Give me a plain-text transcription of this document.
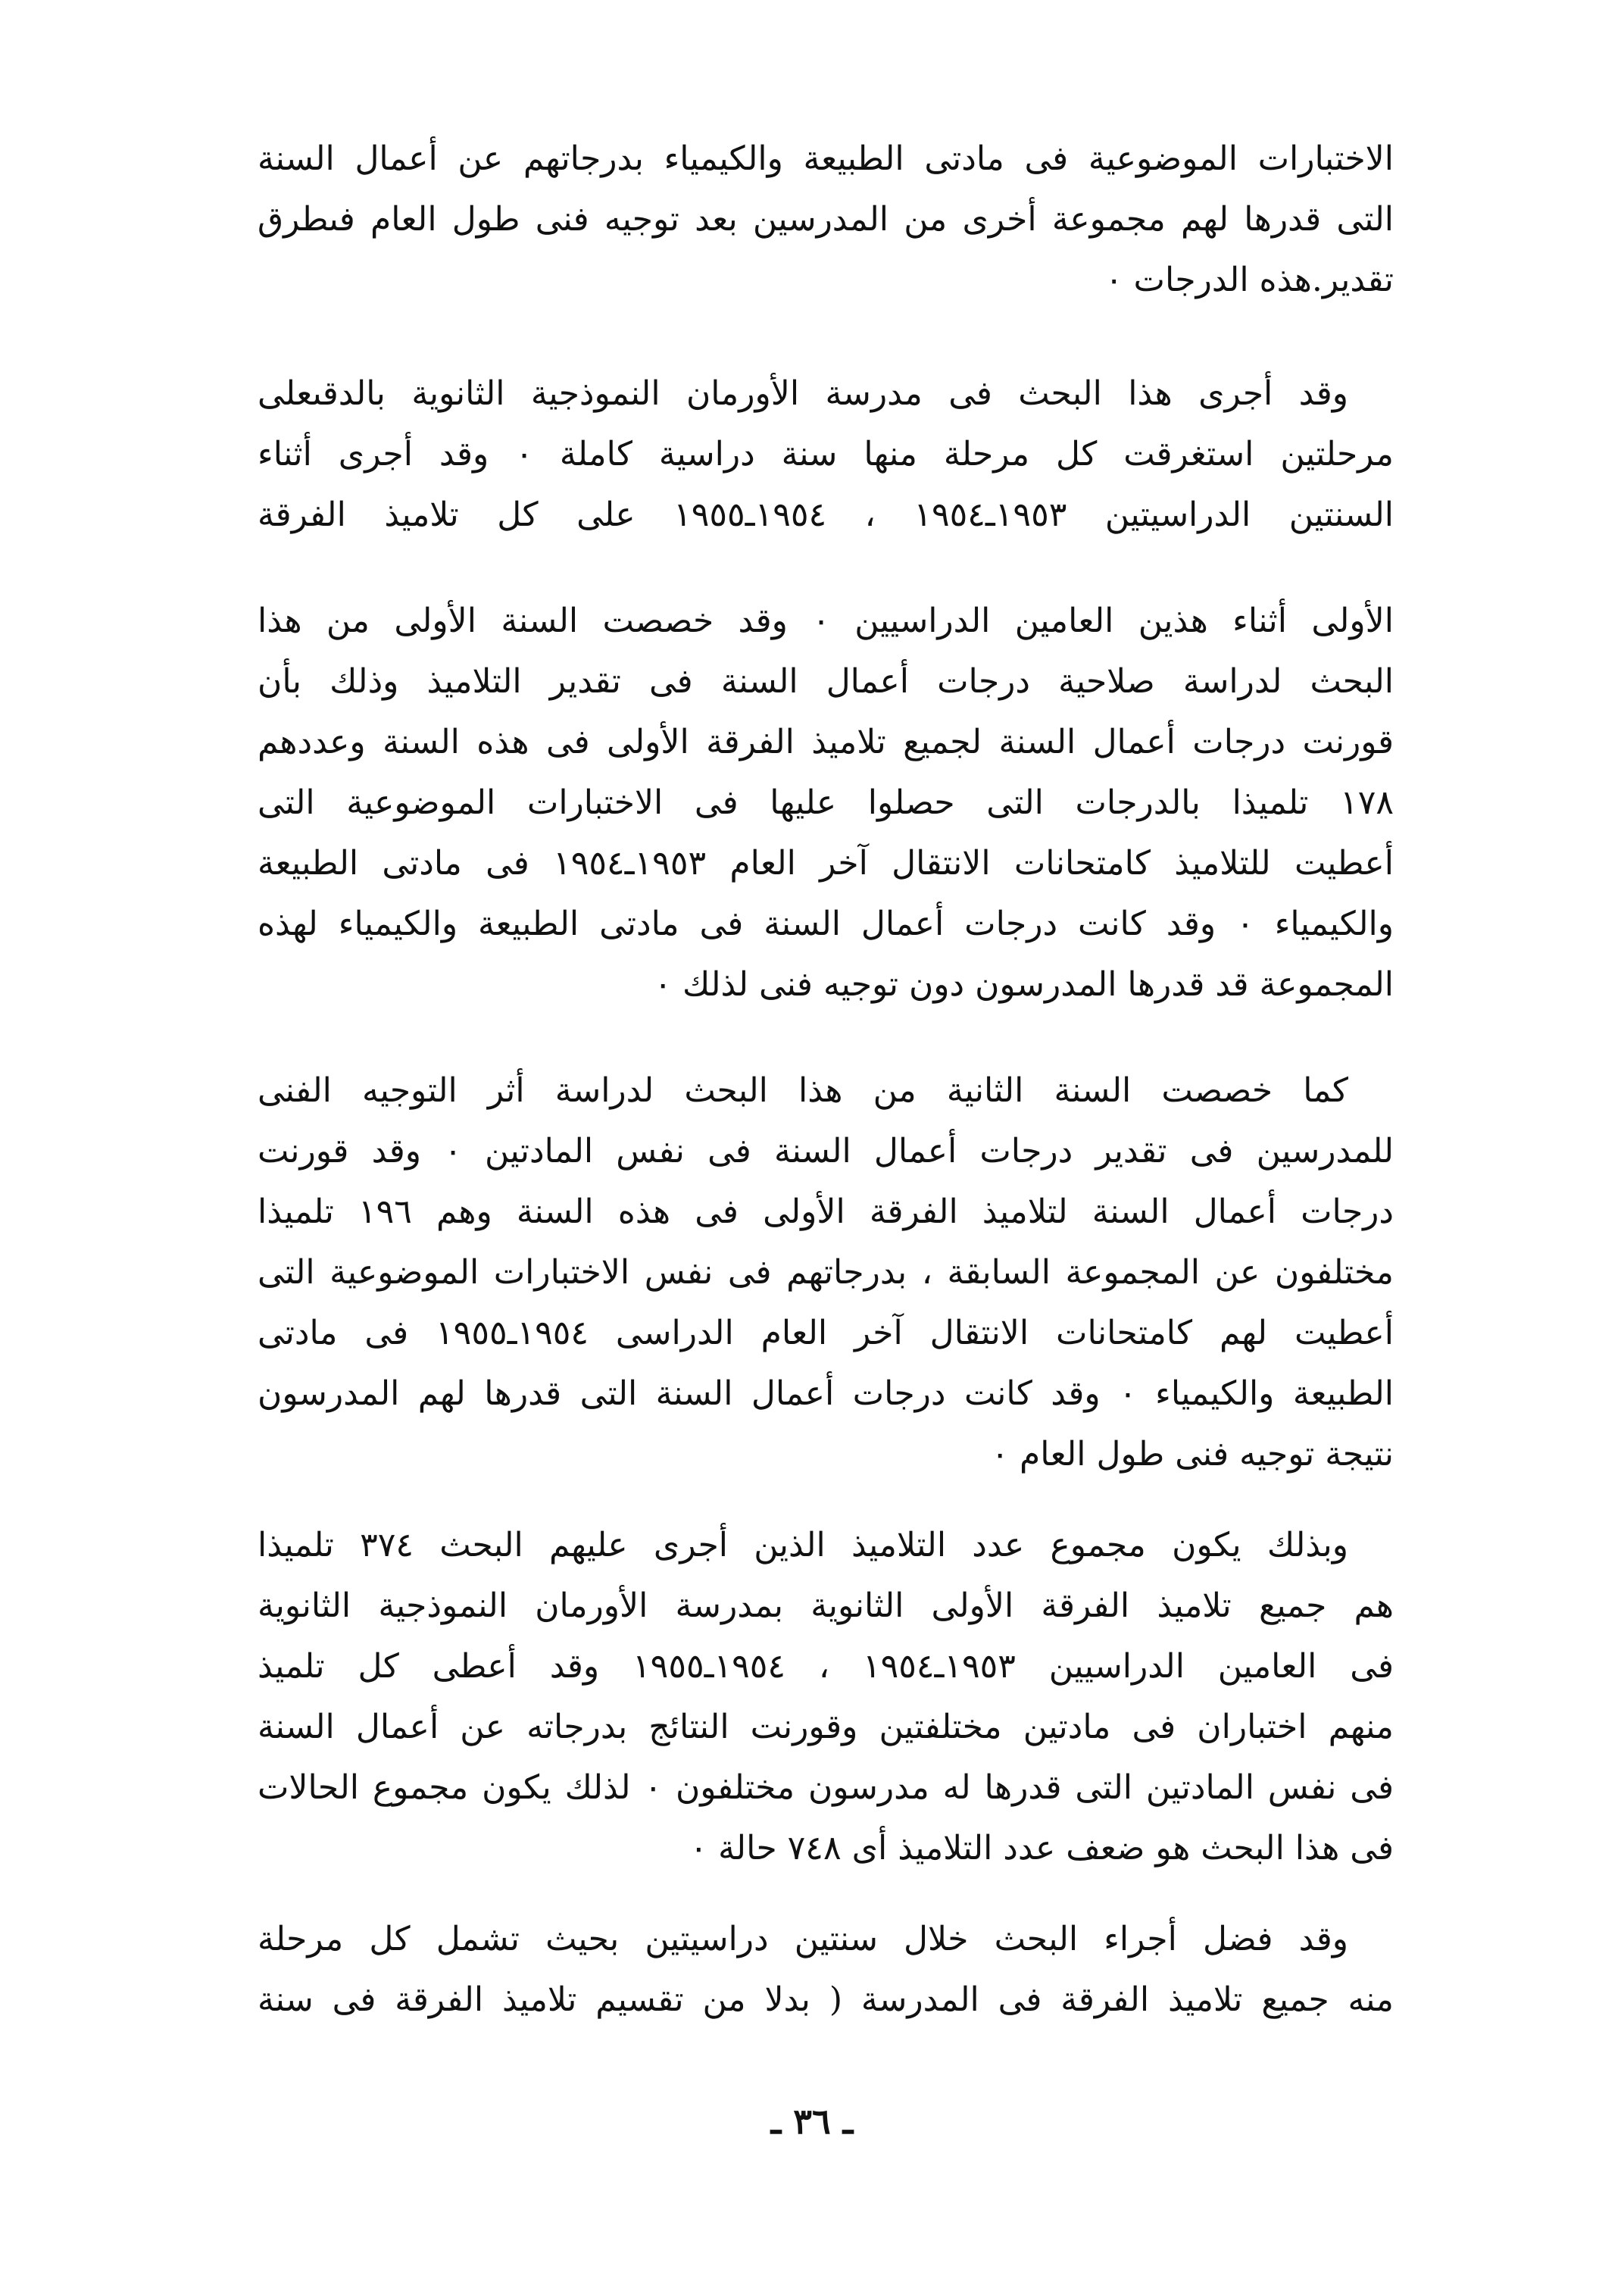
الاختبارات الموضوعية فى مادتى الطبيعة والكيمياء بدرجاتهم عن أعمال السنة
التى قدرها لهم مجموعة أخرى من المدرسين بعد توجيه فنى طول العام فىطرق
تقدير.هذه الدرجات ٠
وقد أجرى هذا البحث فى مدرسة الأورمان النموذجية الثانوية بالدقىعلى
مرحلتين استغرقت كل مرحلة منها سنة دراسية كاملة ٠ وقد أجرى أثناء
السنتين الدراسيتين ١٩٥٣ـ١٩٥٤ ، ١٩٥٤ـ١٩٥٥ على كل تلاميذ الفرقة
الأولى أثناء هذين العامين الدراسيين ٠ وقد خصصت السنة الأولى من هذا
البحث لدراسة صلاحية درجات أعمال السنة فى تقدير التلاميذ وذلك بأن
قورنت درجات أعمال السنة لجميع تلاميذ الفرقة الأولى فى هذه السنة وعددهم
١٧٨ تلميذا بالدرجات التى حصلوا عليها فى الاختبارات الموضوعية التى
أعطيت للتلاميذ كامتحانات الانتقال آخر العام ١٩٥٣ـ١٩٥٤ فى مادتى الطبيعة
والكيمياء ٠ وقد كانت درجات أعمال السنة فى مادتى الطبيعة والكيمياء لهذه
المجموعة قد قدرها المدرسون دون توجيه فنى لذلك ٠
كما خصصت السنة الثانية من هذا البحث لدراسة أثر التوجيه الفنى
للمدرسين فى تقدير درجات أعمال السنة فى نفس المادتين ٠ وقد قورنت
درجات أعمال السنة لتلاميذ الفرقة الأولى فى هذه السنة وهم ١٩٦ تلميذا
مختلفون عن المجموعة السابقة ، بدرجاتهم فى نفس الاختبارات الموضوعية التى
أعطيت لهم كامتحانات الانتقال آخر العام الدراسى ١٩٥٤ـ١٩٥٥ فى مادتى
الطبيعة والكيمياء ٠ وقد كانت درجات أعمال السنة التى قدرها لهم المدرسون
نتيجة توجيه فنى طول العام ٠
وبذلك يكون مجموع عدد التلاميذ الذين أجرى عليهم البحث ٣٧٤ تلميذا
هم جميع تلاميذ الفرقة الأولى الثانوية بمدرسة الأورمان النموذجية الثانوية
فى العامين الدراسيين ١٩٥٣ـ١٩٥٤ ، ١٩٥٤ـ١٩٥٥ وقد أعطى كل تلميذ
منهم اختباران فى مادتين مختلفتين وقورنت النتائج بدرجاته عن أعمال السنة
فى نفس المادتين التى قدرها له مدرسون مختلفون ٠ لذلك يكون مجموع الحالات
فى هذا البحث هو ضعف عدد التلاميذ أى ٧٤٨ حالة ٠
وقد فضل أجراء البحث خلال سنتين دراسيتين بحيث تشمل كل مرحلة
منه جميع تلاميذ الفرقة فى المدرسة ( بدلا من تقسيم تلاميذ الفرقة فى سنة
ـ ٣٦ ـ
